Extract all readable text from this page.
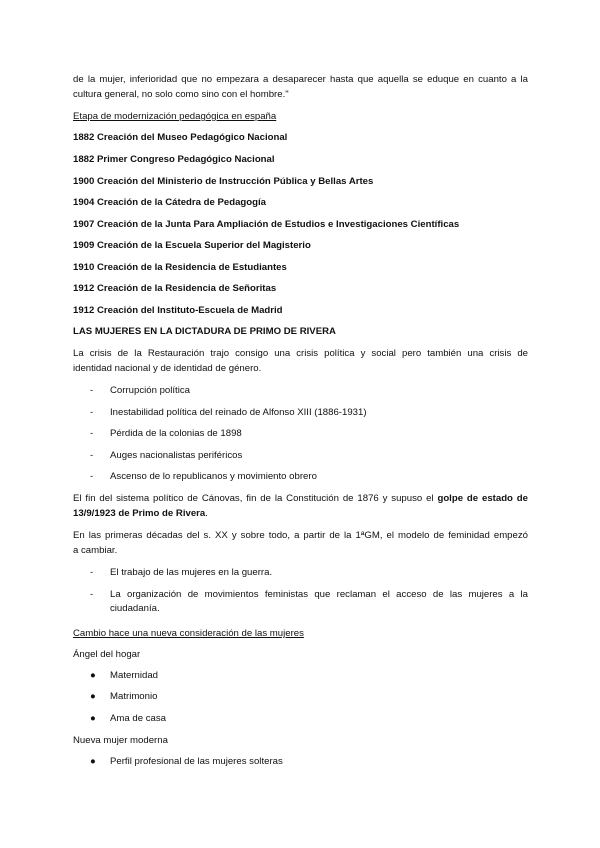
de la mujer, inferioridad que no empezara a desaparecer hasta que aquella se eduque en cuanto a la
cultura general, no solo como sino con el hombre."
Etapa de modernización pedagógica en españa
1882 Creación del Museo Pedagógico Nacional
1882 Primer Congreso Pedagógico Nacional
1900 Creación del Ministerio de Instrucción Pública y Bellas Artes
1904 Creación de la Cátedra de Pedagogía
1907 Creación de la Junta Para Ampliación de Estudios e Investigaciones Científicas
1909 Creación de la Escuela Superior del Magisterio
1910 Creación de la Residencia de Estudiantes
1912 Creación de la Residencia de Señoritas
1912 Creación del Instituto-Escuela de Madrid
LAS MUJERES EN LA DICTADURA DE PRIMO DE RIVERA
La crisis de la Restauración trajo consigo una crisis política y social pero también una crisis de
identidad nacional y de identidad de género.
- Corrupción política
- Inestabilidad política del reinado de Alfonso XIII (1886-1931)
- Pérdida de la colonias de 1898
- Auges nacionalistas periféricos
- Ascenso de lo republicanos y movimiento obrero
El fin del sistema político de Cánovas, fin de la Constitución de 1876 y supuso el golpe de estado de
13/9/1923 de Primo de Rivera.
En las primeras décadas del s. XX y sobre todo, a partir de la 1ªGM, el modelo de feminidad empezó
a cambiar.
- El trabajo de las mujeres en la guerra.
-	La organización de movimientos feministas que reclaman el acceso de las mujeres a la ciudadanía.
Cambio hace una nueva consideración de las mujeres
Ángel del hogar
● Maternidad
● Matrimonio
● Ama de casa
Nueva mujer moderna
● Perfil profesional de las mujeres solteras
